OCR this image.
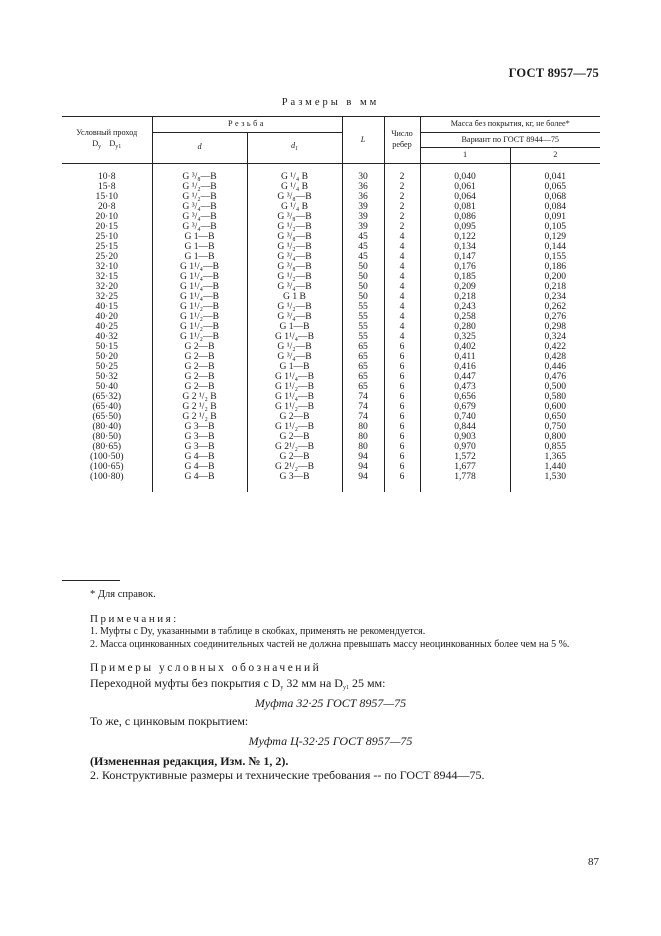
ГОСТ 8957—75
Размеры в мм
Условный проход
$D_y$ $D_{y1}$	Резьба		L	Число ребер	Масса без покрытия, кг, не более*	
	d	$d_1$			Вариант по ГОСТ 8944—75	
					1	2
10·8	G ³/₈—B	G ¹/₄ B	30	2	0,040	0,041
15·8	G ¹/₂—B	G ¹/₄ B	36	2	0,061	0,065
15·10	G ¹/₂—B	G ³/₈—B	36	2	0,064	0,068
20·8	G ³/₄—B	G ¹/₄ B	39	2	0,081	0,084
20·10	G ³/₄—B	G ³/₈—B	39	2	0,086	0,091
20·15	G ³/₄—B	G ¹/₂—B	39	2	0,095	0,105
25·10	G 1—B	G ³/₈—B	45	4	0,122	0,129
25·15	G 1—B	G ¹/₂—B	45	4	0,134	0,144
25·20	G 1—B	G ³/₄—B	45	4	0,147	0,155
32·10	G 1¹/₄—B	G ³/₈—B	50	4	0,176	0,186
32·15	G 1¹/₄—B	G ¹/₂—B	50	4	0,185	0,200
32·20	G 1¹/₄—B	G ³/₄—B	50	4	0,209	0,218
32·25	G 1¹/₄—B	G 1 B	50	4	0,218	0,234
40·15	G 1¹/₂—B	G ¹/₂—B	55	4	0,243	0,262
40·20	G 1¹/₂—B	G ³/₄—B	55	4	0,258	0,276
40·25	G 1¹/₂—B	G 1—B	55	4	0,280	0,298
40·32	G 1¹/₂—B	G 1¹/₄—B	55	4	0,325	0,324
50·15	G 2—B	G ¹/₂—B	65	6	0,402	0,422
50·20	G 2—B	G ³/₄—B	65	6	0,411	0,428
50·25	G 2—B	G 1—B	65	6	0,416	0,446
50·32	G 2—B	G 1¹/₄—B	65	6	0,447	0,476
50·40	G 2—B	G 1¹/₂—B	65	6	0,473	0,500
(65·32)	G 2 ¹/₂ B	G 1¹/₄—B	74	6	0,656	0,580
(65·40)	G 2 ¹/₂ B	G 1¹/₂—B	74	6	0,679	0,600
(65·50)	G 2 ¹/₂ B	G 2—B	74	6	0,740	0,650
(80·40)	G 3—B	G 1¹/₂—B	80	6	0,844	0,750
(80·50)	G 3—B	G 2—B	80	6	0,903	0,800
(80·65)	G 3—B	G 2¹/₂—B	80	6	0,970	0,855
(100·50)	G 4—B	G 2—B	94	6	1,572	1,365
(100·65)	G 4—B	G 2¹/₂—B	94	6	1,677	1,440
(100·80)	G 4—B	G 3—B	94	6	1,778	1,530
* Для справок.
Примечания:
1. Муфты с Dy, указанными в таблице в скобках, применять не рекомендуется.
2. Масса оцинкованных соединительных частей не должна превышать массу неоцинкованных более чем на 5 %.
Примеры условных обозначений
Переходной муфты без покрытия с $D_y$ 32 мм на $D_{y1}$ 25 мм:
Муфта 32·25 ГОСТ 8957—75
То же, с цинковым покрытием:
Муфта Ц-32·25 ГОСТ 8957—75
(Измененная редакция, Изм. № 1, 2).
2. Конструктивные размеры и технические требования -- по ГОСТ 8944—75.
87
